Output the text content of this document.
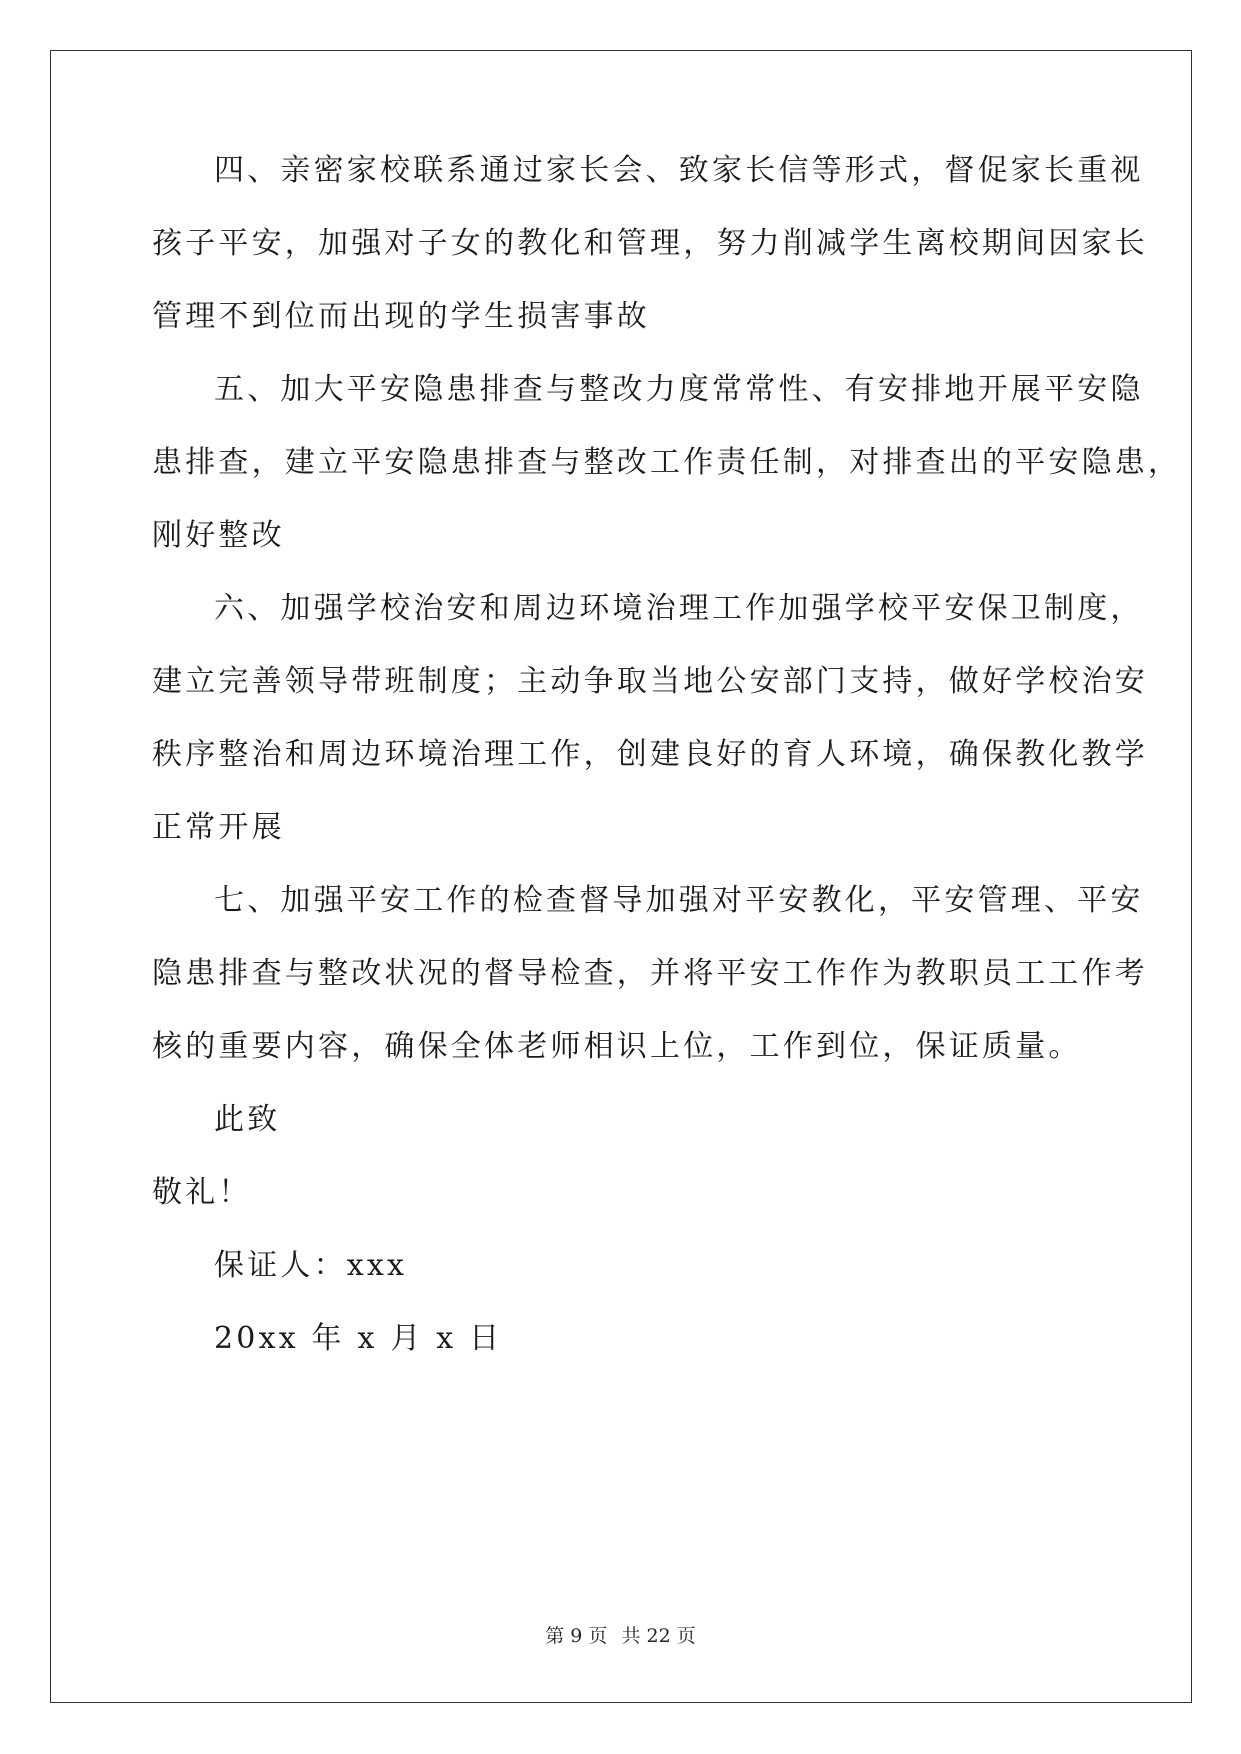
四、亲密家校联系通过家长会、致家长信等形式，督促家长重视
孩子平安，加强对子女的教化和管理，努力削减学生离校期间因家长
管理不到位而出现的学生损害事故
五、加大平安隐患排查与整改力度常常性、有安排地开展平安隐
患排查，建立平安隐患排查与整改工作责任制，对排查出的平安隐患，
刚好整改
六、加强学校治安和周边环境治理工作加强学校平安保卫制度，
建立完善领导带班制度；主动争取当地公安部门支持，做好学校治安
秩序整治和周边环境治理工作，创建良好的育人环境，确保教化教学
正常开展
七、加强平安工作的检查督导加强对平安教化，平安管理、平安
隐患排查与整改状况的督导检查，并将平安工作作为教职员工工作考
核的重要内容，确保全体老师相识上位，工作到位，保证质量。
此致
敬礼！
保证人：xxx
20xx 年 x 月 x 日
第 9 页 共 22 页
